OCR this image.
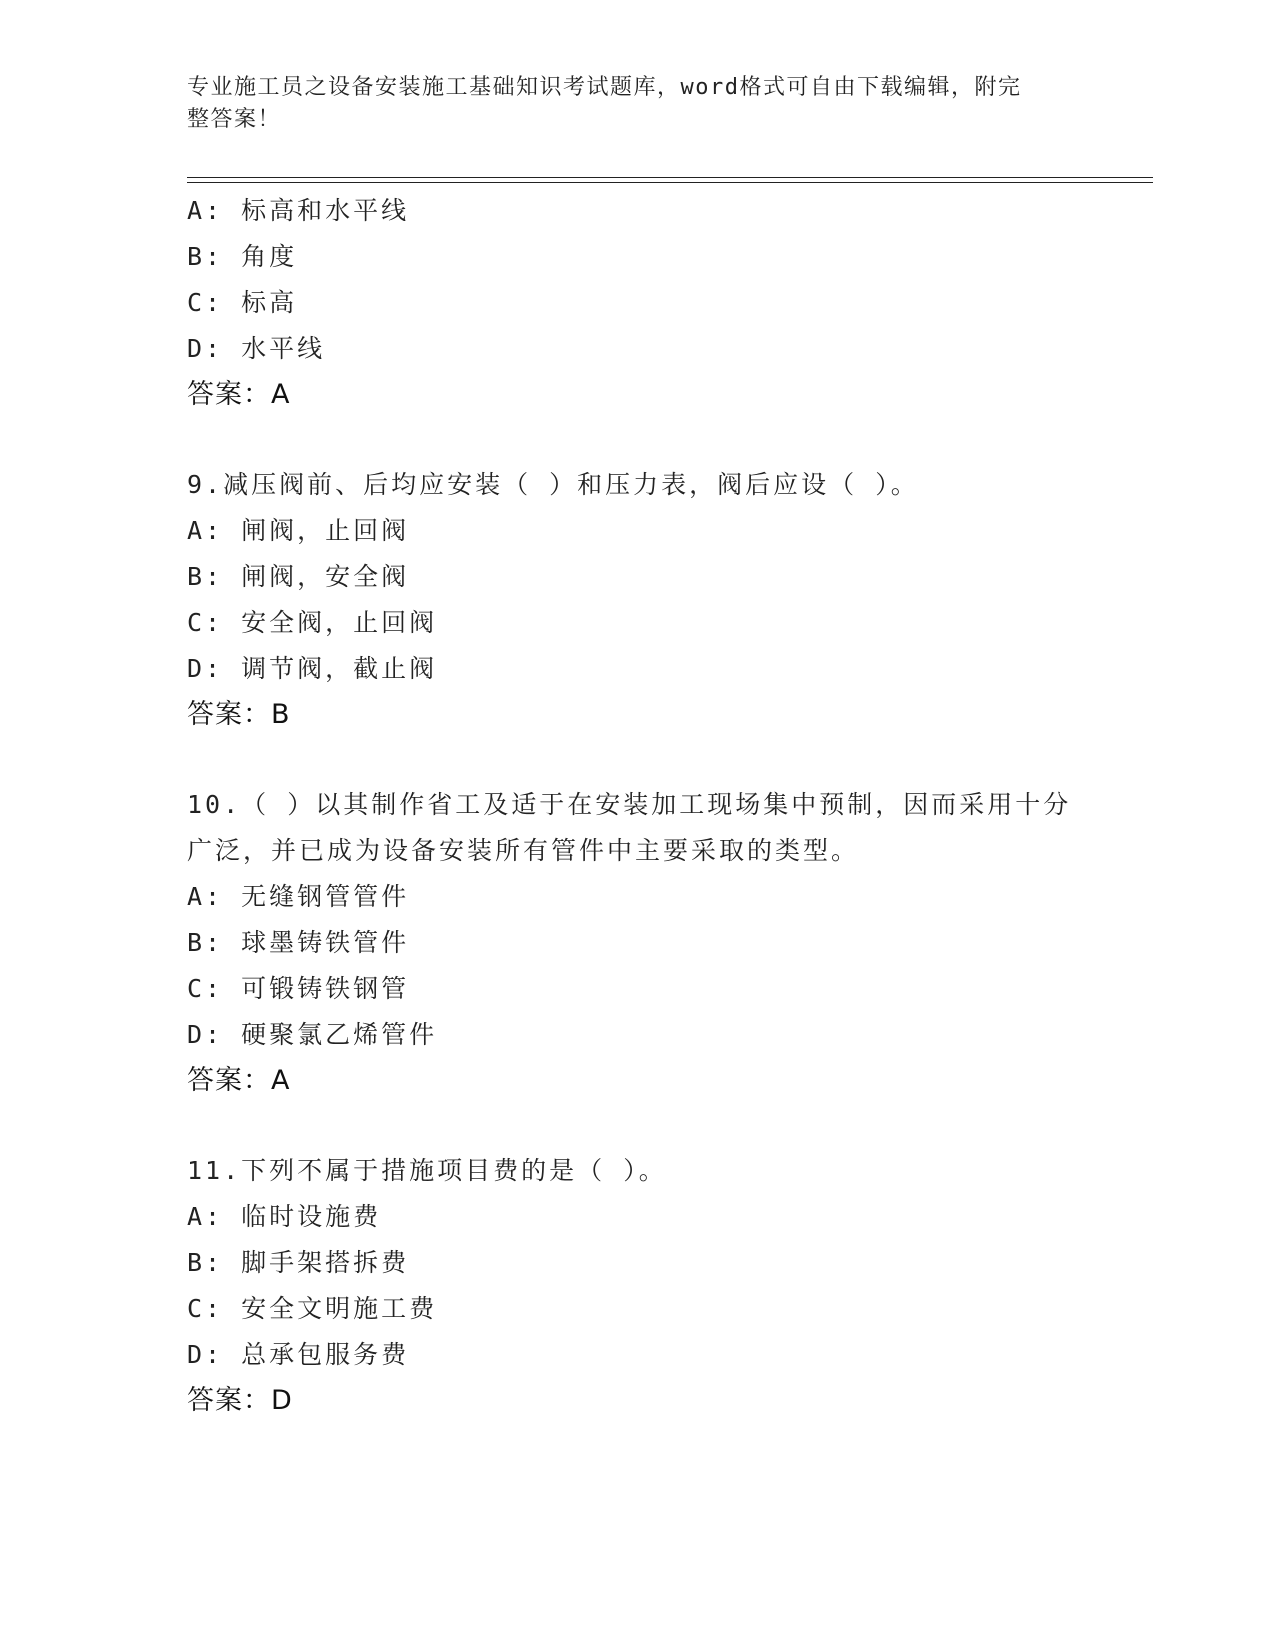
专业施工员之设备安装施工基础知识考试题库，word格式可自由下载编辑，附完
整答案！
A: 标高和水平线
B: 角度
C: 标高
D: 水平线
答案：A
9.减压阀前、后均应安装（ ）和压力表，阀后应设（ ）。
A: 闸阀，止回阀
B: 闸阀，安全阀
C: 安全阀，止回阀
D: 调节阀，截止阀
答案：B
10.（ ）以其制作省工及适于在安装加工现场集中预制，因而采用十分广泛，并已成为设备安装所有管件中主要采取的类型。
A: 无缝钢管管件
B: 球墨铸铁管件
C: 可锻铸铁钢管
D: 硬聚氯乙烯管件
答案：A
11.下列不属于措施项目费的是（ ）。
A: 临时设施费
B: 脚手架搭拆费
C: 安全文明施工费
D: 总承包服务费
答案：D
